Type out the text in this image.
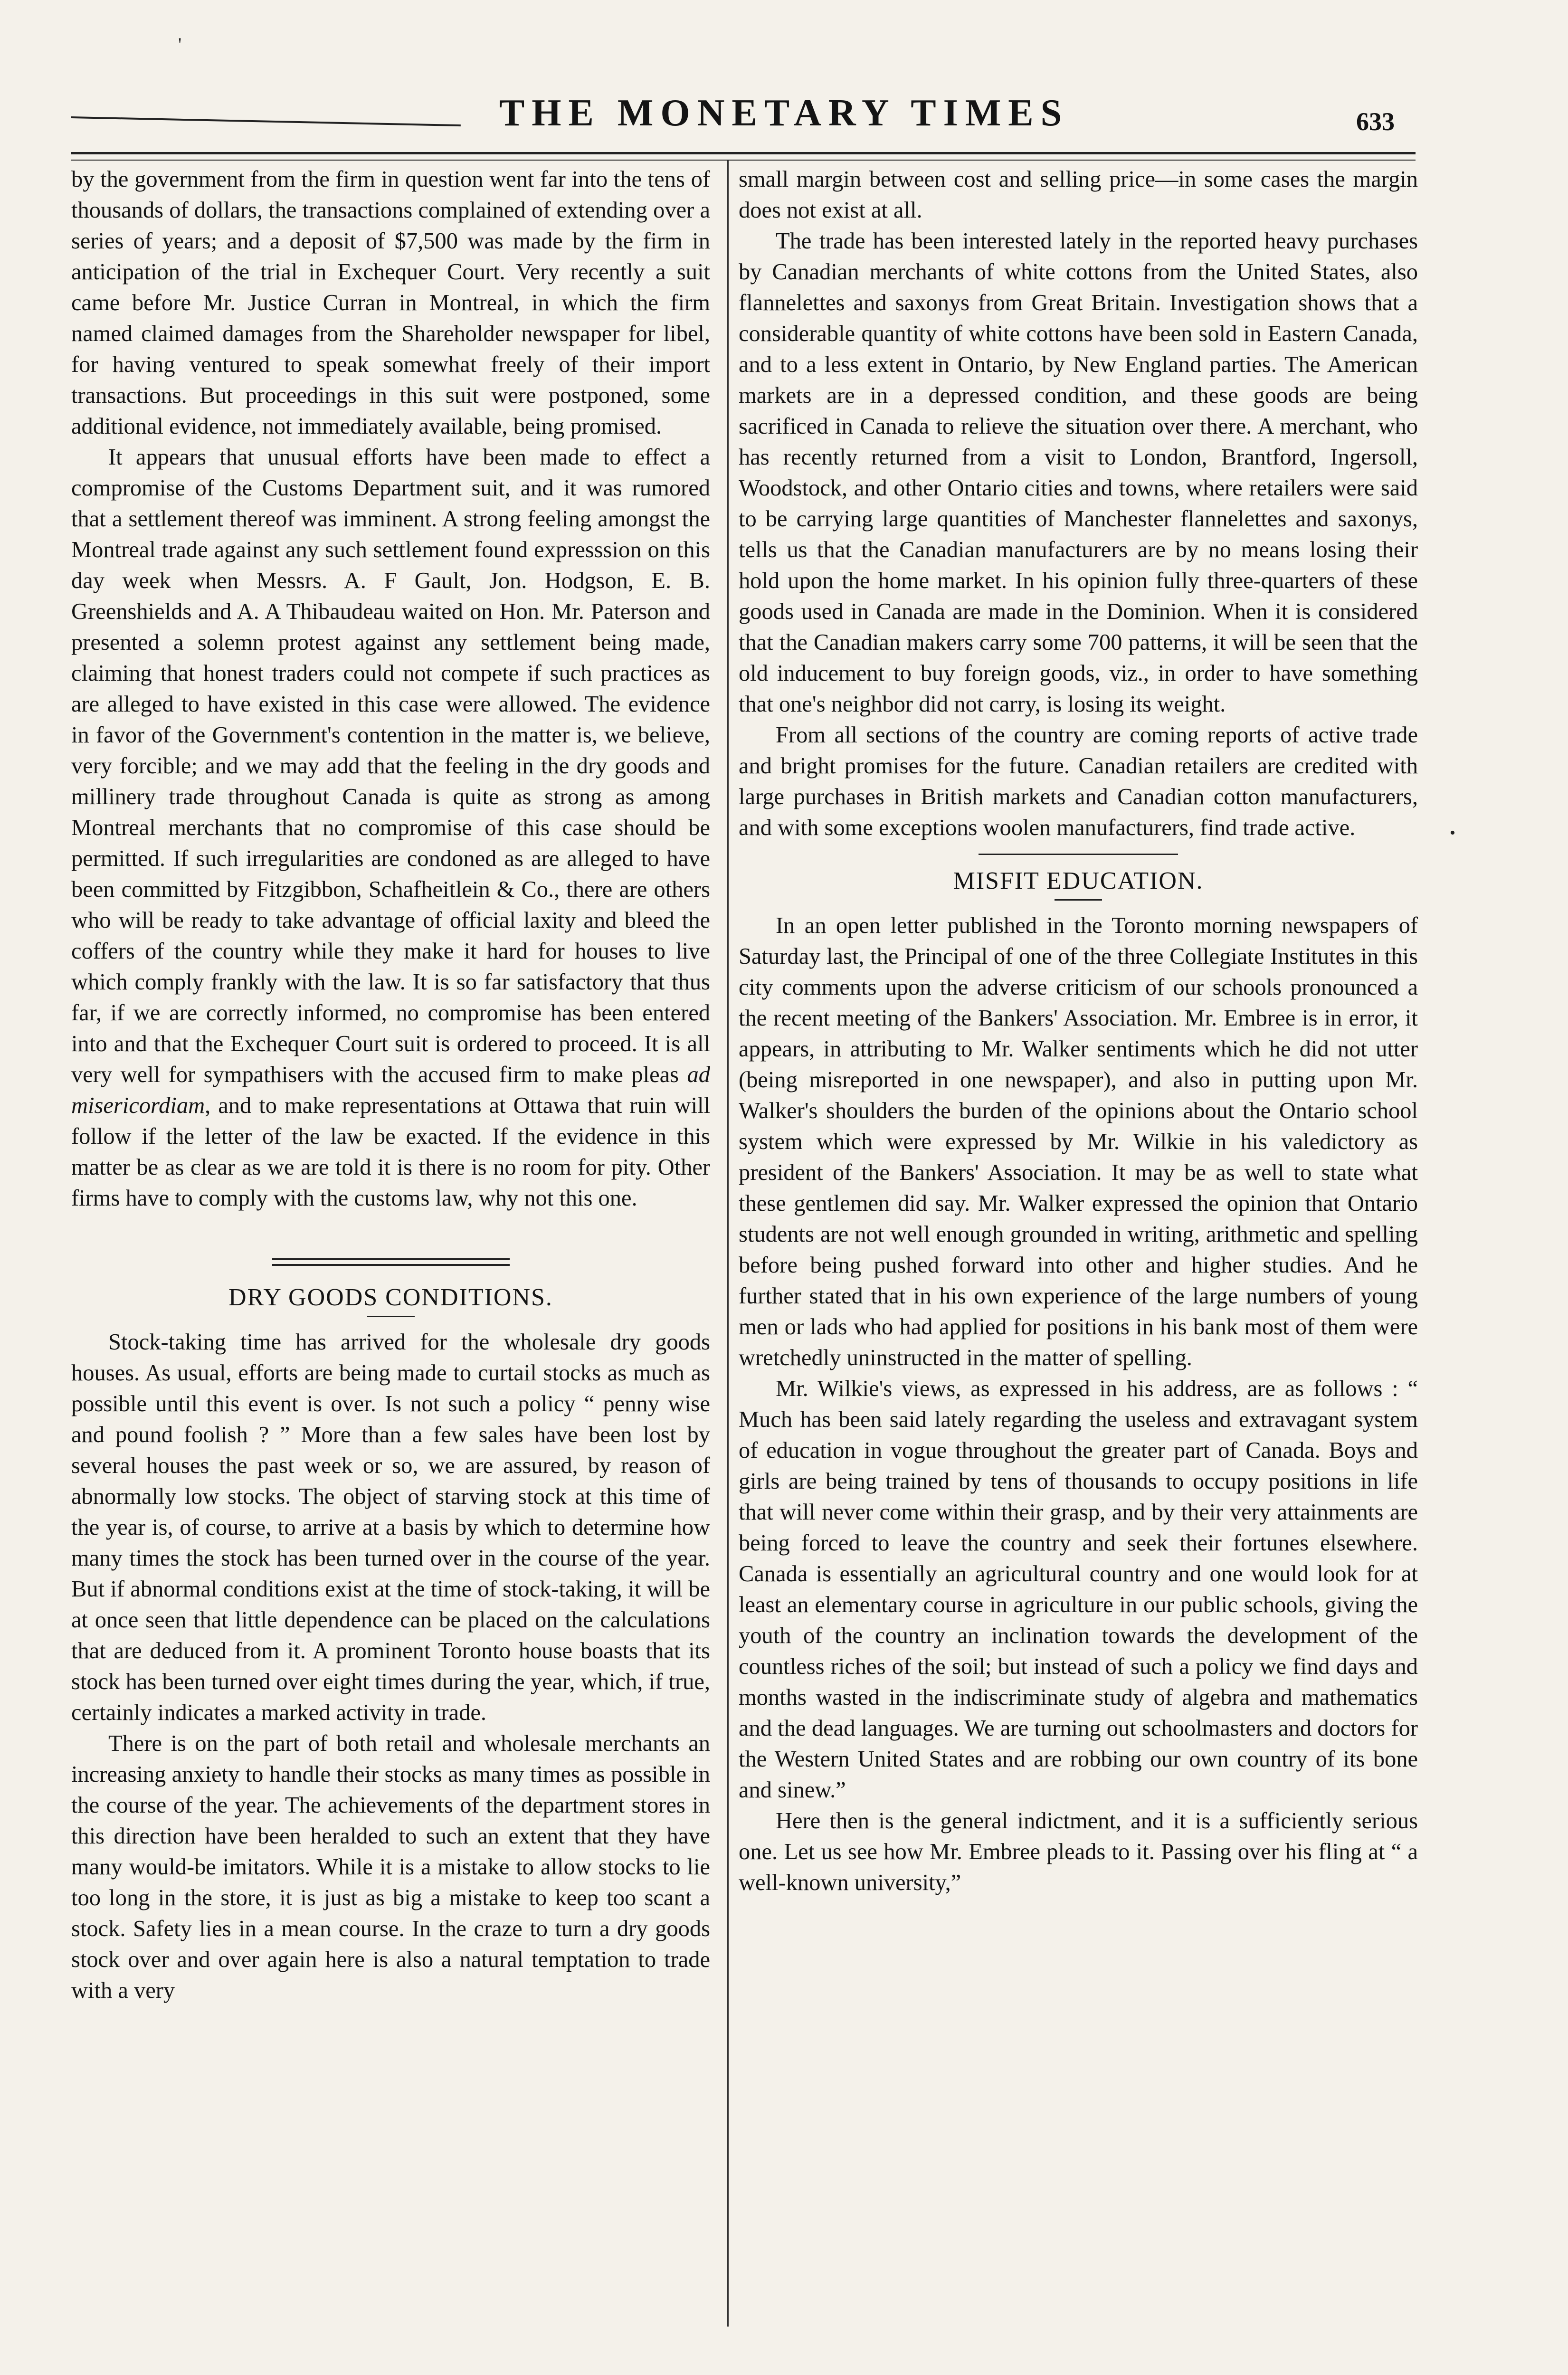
'
•
THE MONETARY TIMES	633

by the government from the firm in question went far into the tens of thousands of dollars, the transactions complained of extending over a series of years; and a deposit of $7,500 was made by the firm in anticipation of the trial in Exchequer Court. Very recently a suit came before Mr. Justice Curran in Montreal, in which the firm named claimed damages from the Shareholder newspaper for libel, for having ventured to speak somewhat freely of their import transactions. But proceedings in this suit were postponed, some additional evidence, not immediately available, being promised.

It appears that unusual efforts have been made to effect a compromise of the Customs Department suit, and it was rumored that a settlement thereof was imminent. A strong feeling amongst the Montreal trade against any such settlement found expresssion on this day week when Messrs. A. F Gault, Jon. Hodgson, E. B. Greenshields and A. A Thibaudeau waited on Hon. Mr. Paterson and presented a solemn protest against any settlement being made, claiming that honest traders could not compete if such practices as are alleged to have existed in this case were allowed. The evidence in favor of the Government's contention in the matter is, we believe, very forcible; and we may add that the feeling in the dry goods and millinery trade throughout Canada is quite as strong as among Montreal merchants that no compromise of this case should be permitted. If such irregularities are condoned as are alleged to have been committed by Fitzgibbon, Schafheitlein & Co., there are others who will be ready to take advantage of official laxity and bleed the coffers of the country while they make it hard for houses to live which comply frankly with the law. It is so far satisfactory that thus far, if we are correctly informed, no compromise has been entered into and that the Exchequer Court suit is ordered to proceed. It is all very well for sympathisers with the accused firm to make pleas ad misericordiam, and to make representations at Ottawa that ruin will follow if the letter of the law be exacted. If the evidence in this matter be as clear as we are told it is there is no room for pity. Other firms have to comply with the customs law, why not this one.

DRY GOODS CONDITIONS.

Stock-taking time has arrived for the wholesale dry goods houses. As usual, efforts are being made to curtail stocks as much as possible until this event is over. Is not such a policy “ penny wise and pound foolish ? ” More than a few sales have been lost by several houses the past week or so, we are assured, by reason of abnormally low stocks. The object of starving stock at this time of the year is, of course, to arrive at a basis by which to determine how many times the stock has been turned over in the course of the year. But if abnormal conditions exist at the time of stock-taking, it will be at once seen that little dependence can be placed on the calculations that are deduced from it. A prominent Toronto house boasts that its stock has been turned over eight times during the year, which, if true, certainly indicates a marked activity in trade.

There is on the part of both retail and wholesale merchants an increasing anxiety to handle their stocks as many times as possible in the course of the year. The achievements of the department stores in this direction have been heralded to such an extent that they have many would-be imitators. While it is a mistake to allow stocks to lie too long in the store, it is just as big a mistake to keep too scant a stock. Safety lies in a mean course. In the craze to turn a dry goods stock over and over again here is also a natural temptation to trade with a very

small margin between cost and selling price—in some cases the margin does not exist at all.

The trade has been interested lately in the reported heavy purchases by Canadian merchants of white cottons from the United States, also flannelettes and saxonys from Great Britain. Investigation shows that a considerable quantity of white cottons have been sold in Eastern Canada, and to a less extent in Ontario, by New England parties. The American markets are in a depressed condition, and these goods are being sacrificed in Canada to relieve the situation over there. A merchant, who has recently returned from a visit to London, Brantford, Ingersoll, Woodstock, and other Ontario cities and towns, where retailers were said to be carrying large quantities of Manchester flannelettes and saxonys, tells us that the Canadian manufacturers are by no means losing their hold upon the home market. In his opinion fully three-quarters of these goods used in Canada are made in the Dominion. When it is considered that the Canadian makers carry some 700 patterns, it will be seen that the old inducement to buy foreign goods, viz., in order to have something that one's neighbor did not carry, is losing its weight.

From all sections of the country are coming reports of active trade and bright promises for the future. Canadian retailers are credited with large purchases in British markets and Canadian cotton manufacturers, and with some exceptions woolen manufacturers, find trade active.

MISFIT EDUCATION.

In an open letter published in the Toronto morning newspapers of Saturday last, the Principal of one of the three Collegiate Institutes in this city comments upon the adverse criticism of our schools pronounced a the recent meeting of the Bankers' Association. Mr. Embree is in error, it appears, in attributing to Mr. Walker sentiments which he did not utter (being misreported in one newspaper), and also in putting upon Mr. Walker's shoulders the burden of the opinions about the Ontario school system which were expressed by Mr. Wilkie in his valedictory as president of the Bankers' Association. It may be as well to state what these gentlemen did say. Mr. Walker expressed the opinion that Ontario students are not well enough grounded in writing, arithmetic and spelling before being pushed forward into other and higher studies. And he further stated that in his own experience of the large numbers of young men or lads who had applied for positions in his bank most of them were wretchedly uninstructed in the matter of spelling.

Mr. Wilkie's views, as expressed in his address, are as follows : “ Much has been said lately regarding the useless and extravagant system of education in vogue throughout the greater part of Canada. Boys and girls are being trained by tens of thousands to occupy positions in life that will never come within their grasp, and by their very attainments are being forced to leave the country and seek their fortunes elsewhere. Canada is essentially an agricultural country and one would look for at least an elementary course in agriculture in our public schools, giving the youth of the country an inclination towards the development of the countless riches of the soil; but instead of such a policy we find days and months wasted in the indiscriminate study of algebra and mathematics and the dead languages. We are turning out schoolmasters and doctors for the Western United States and are robbing our own country of its bone and sinew.”

Here then is the general indictment, and it is a sufficiently serious one. Let us see how Mr. Embree pleads to it. Passing over his fling at “ a well-known university,”
